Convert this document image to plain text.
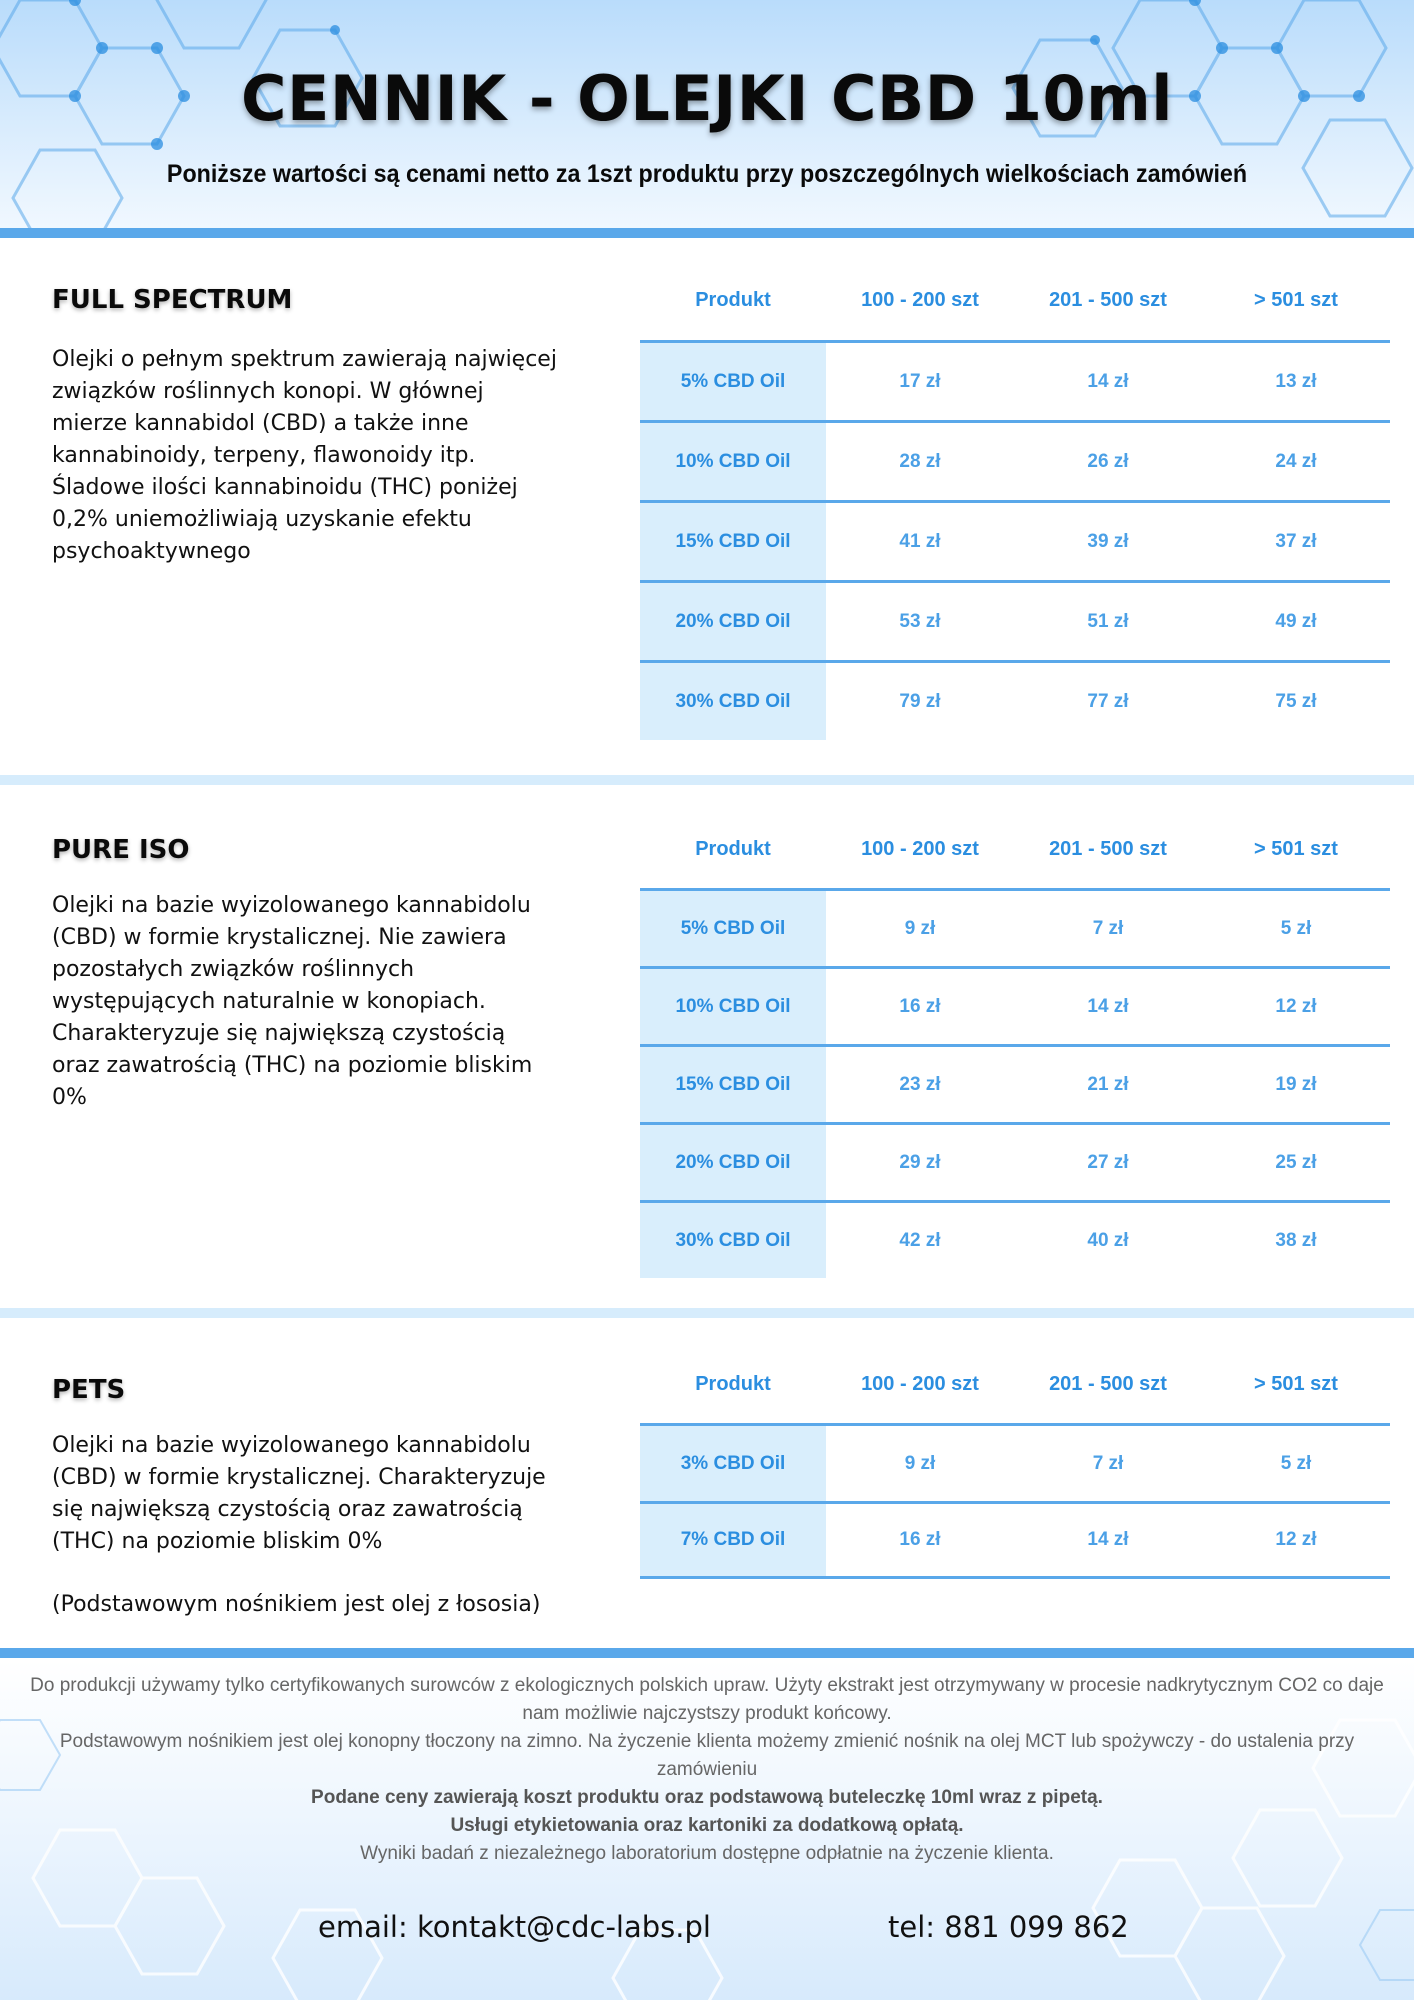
CENNIK - OLEJKI CBD 10ml

Poniższe wartości są cenami netto za 1szt produktu przy poszczególnych wielkościach zamówień

FULL SPECTRUM

Olejki o pełnym spektrum zawierają najwięcej
związków roślinnych konopi. W głównej
mierze kannabidol (CBD) a także inne
kannabinoidy, terpeny, flawonoidy itp.
Śladowe ilości kannabinoidu (THC) poniżej
0,2% uniemożliwiają uzyskanie efektu
psychoaktywnego

Produkt	100 - 200 szt	201 - 500 szt	> 501 szt
5% CBD Oil	17 zł	14 zł	13 zł
10% CBD Oil	28 zł	26 zł	24 zł
15% CBD Oil	41 zł	39 zł	37 zł
20% CBD Oil	53 zł	51 zł	49 zł
30% CBD Oil	79 zł	77 zł	75 zł
PURE ISO

Olejki na bazie wyizolowanego kannabidolu
(CBD) w formie krystalicznej. Nie zawiera
pozostałych związków roślinnych
występujących naturalnie w konopiach.
Charakteryzuje się największą czystością
oraz zawatrością (THC) na poziomie bliskim
0%

Produkt	100 - 200 szt	201 - 500 szt	> 501 szt
5% CBD Oil	9 zł	7 zł	5 zł
10% CBD Oil	16 zł	14 zł	12 zł
15% CBD Oil	23 zł	21 zł	19 zł
20% CBD Oil	29 zł	27 zł	25 zł
30% CBD Oil	42 zł	40 zł	38 zł
PETS

Olejki na bazie wyizolowanego kannabidolu
(CBD) w formie krystalicznej. Charakteryzuje
się największą czystością oraz zawatrością
(THC) na poziomie bliskim 0%

(Podstawowym nośnikiem jest olej z łososia)

Produkt	100 - 200 szt	201 - 500 szt	> 501 szt
3% CBD Oil	9 zł	7 zł	5 zł
7% CBD Oil	16 zł	14 zł	12 zł
Do produkcji używamy tylko certyfikowanych surowców z ekologicznych polskich upraw. Użyty ekstrakt jest otrzymywany w procesie nadkrytycznym CO2 co daje nam możliwie najczystszy produkt końcowy.
Podstawowym nośnikiem jest olej konopny tłoczony na zimno. Na życzenie klienta możemy zmienić nośnik na olej MCT lub spożywczy - do ustalenia przy zamówieniu
Podane ceny zawierają koszt produktu oraz podstawową buteleczkę 10ml wraz z pipetą.
Usługi etykietowania oraz kartoniki za dodatkową opłatą.
Wyniki badań z niezależnego laboratorium dostępne odpłatnie na życzenie klienta.
email: kontakt@cdc-labs.pl	tel: 881 099 862
